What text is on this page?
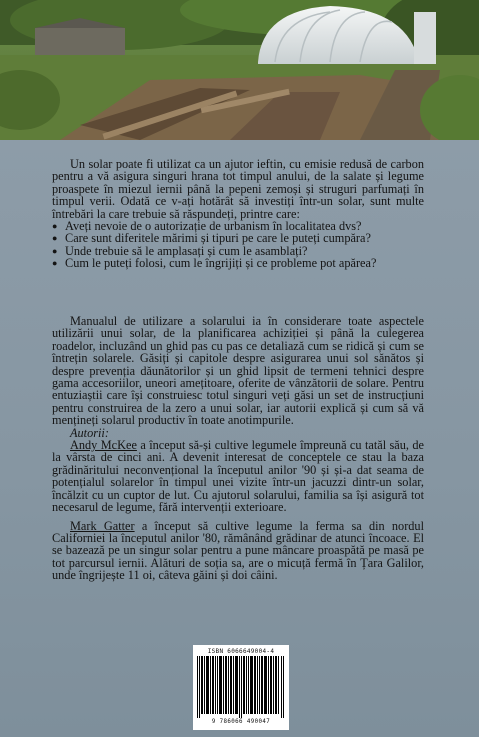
Un solar poate fi utilizat ca un ajutor ieftin, cu emisie redusă de carbon pentru a vă asigura singuri hrana tot timpul anului, de la salate și legume proaspete în miezul iernii până la pepeni zemoși și struguri parfumați în timpul verii. Odată ce v-ați hotărât să investiți într-un solar, sunt multe întrebări la care trebuie să răspundeți, printre care:

● Aveți nevoie de o autorizație de urbanism în localitatea dvs?
● Care sunt diferitele mărimi și tipuri pe care le puteți cumpăra?
● Unde trebuie să le amplasați și cum le asamblați?
● Cum le puteți folosi, cum le îngrijiți și ce probleme pot apărea?

Manualul de utilizare a solarului ia în considerare toate aspectele utilizării unui solar, de la planificarea achiziției și până la culegerea roadelor, incluzând un ghid pas cu pas ce detaliază cum se ridică și cum se întrețin solarele. Găsiți și capitole despre asigurarea unui sol sănătos și despre prevenția dăunătorilor și un ghid lipsit de termeni tehnici despre gama accesoriilor, uneori amețitoare, oferite de vânzătorii de solare. Pentru entuziaștii care își construiesc totul singuri veți găsi un set de instrucțiuni pentru construirea de la zero a unui solar, iar autorii explică și cum să vă mențineți solarul productiv în toate anotimpurile.

Autorii:

Andy McKee a început să-și cultive legumele împreună cu tatăl său, de la vârsta de cinci ani. A devenit interesat de conceptele ce stau la baza grădinăritului neconvențional la începutul anilor '90 și și-a dat seama de potențialul solarelor în timpul unei vizite într-un jacuzzi dintr-un solar, încălzit cu un cuptor de lut. Cu ajutorul solarului, familia sa își asigură tot necesarul de legume, fără intervenții exterioare.

Mark Gatter a început să cultive legume la ferma sa din nordul Californiei la începutul anilor '80, rămânând grădinar de atunci încoace. El se bazează pe un singur solar pentru a pune mâncare proaspătă pe masă pe tot parcursul iernii. Alături de soția sa, are o micuță fermă în Țara Galilor, unde îngrijește 11 oi, câteva găini și doi câini.

ISBN 6066649004-4
9 786066 490047
